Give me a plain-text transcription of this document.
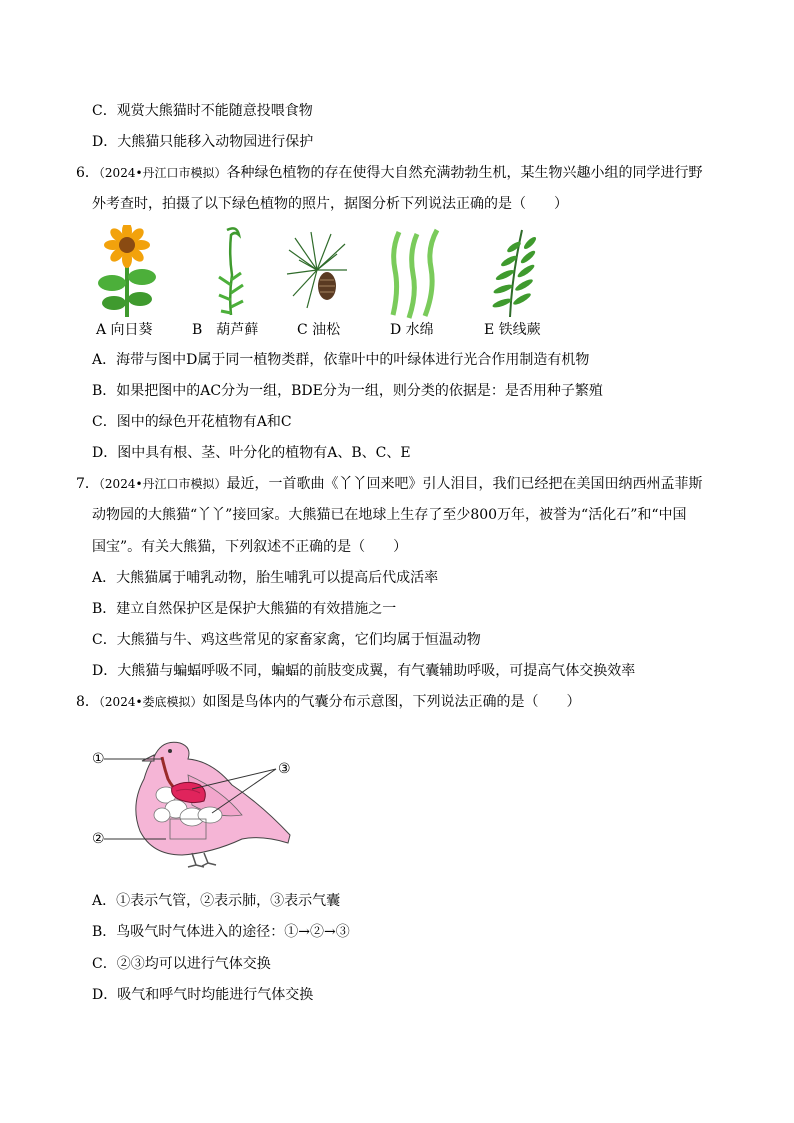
C．观赏大熊猫时不能随意投喂食物
D．大熊猫只能移入动物园进行保护
6．（2024•丹江口市模拟）各种绿色植物的存在使得大自然充满勃勃生机，某生物兴趣小组的同学进行野
外考查时，拍摄了以下绿色植物的照片，据图分析下列说法正确的是（　　）
A 向日葵	B　葫芦藓	C 油松	D 水绵	E 铁线蕨
A．海带与图中D属于同一植物类群，依靠叶中的叶绿体进行光合作用制造有机物
B．如果把图中的AC分为一组，BDE分为一组，则分类的依据是：是否用种子繁殖
C．图中的绿色开花植物有A和C
D．图中具有根、茎、叶分化的植物有A、B、C、E
7．（2024•丹江口市模拟）最近，一首歌曲《丫丫回来吧》引人泪目，我们已经把在美国田纳西州孟菲斯
动物园的大熊猫“丫丫”接回家。大熊猫已在地球上生存了至少800万年，被誉为“活化石”和“中国
国宝”。有关大熊猫，下列叙述不正确的是（　　）
A．大熊猫属于哺乳动物，胎生哺乳可以提高后代成活率
B．建立自然保护区是保护大熊猫的有效措施之一
C．大熊猫与牛、鸡这些常见的家畜家禽，它们均属于恒温动物
D．大熊猫与蝙蝠呼吸不同，蝙蝠的前肢变成翼，有气囊辅助呼吸，可提高气体交换效率
8．（2024•娄底模拟）如图是鸟体内的气囊分布示意图，下列说法正确的是（　　）
①
②
③
A．①表示气管，②表示肺，③表示气囊
B．鸟吸气时气体进入的途径：①→②→③
C．②③均可以进行气体交换
D．吸气和呼气时均能进行气体交换
